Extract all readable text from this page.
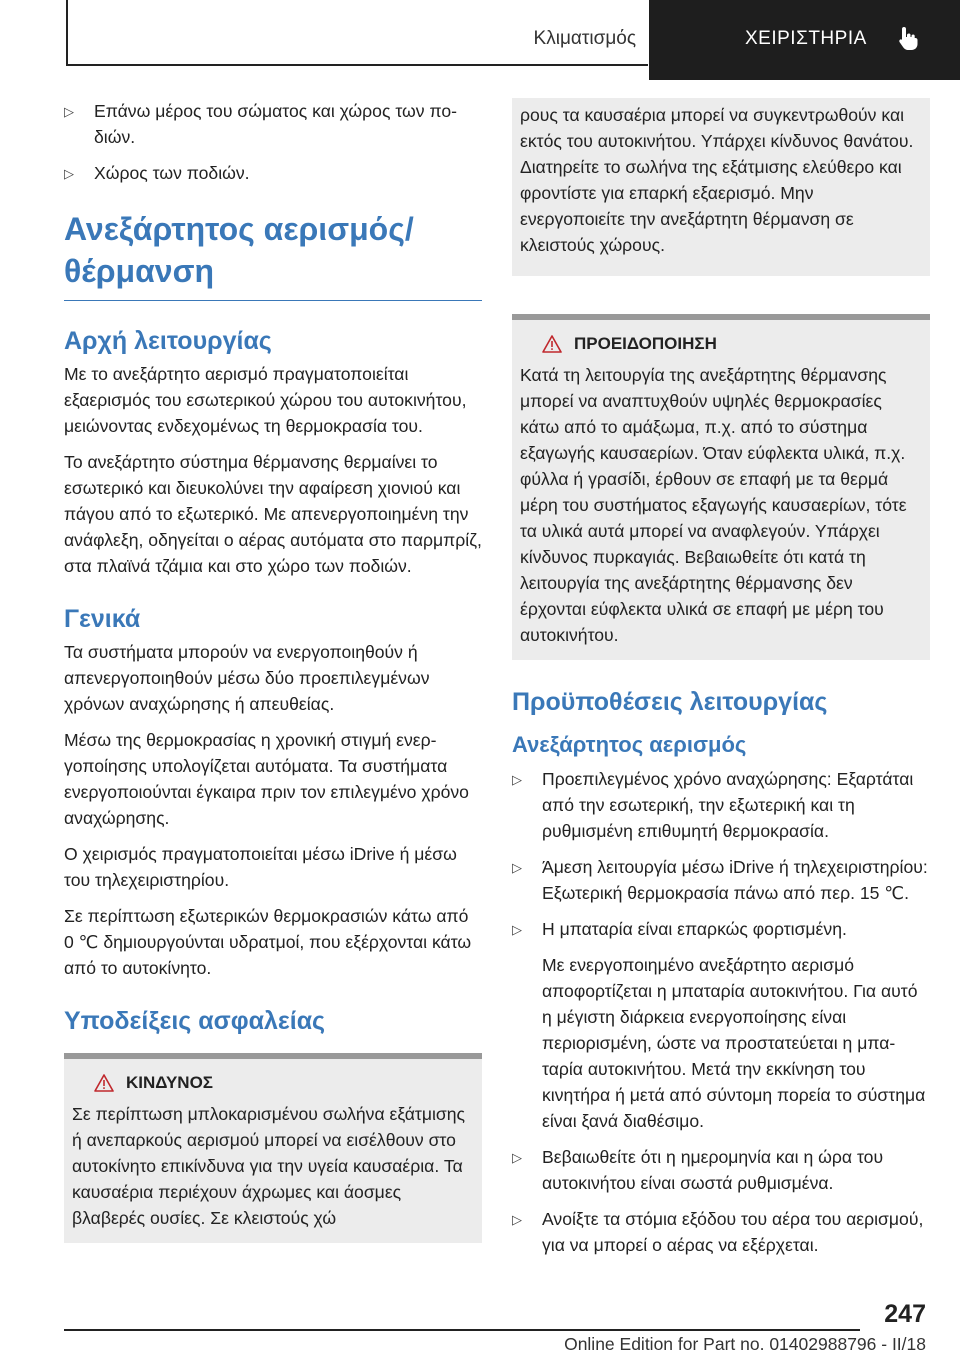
Κλιματισμός	ΧΕΙΡΙΣΤΗΡΙΑ
▷ Επάνω μέρος του σώματος και χώρος των ποδιών.
▷ Χώρος των ποδιών.
Ανεξάρτητος αερισμός/θέρμανση
Αρχή λειτουργίας

Με το ανεξάρτητο αερισμό πραγματοποιείται εξαερισμός του εσωτερικού χώρου του αυτοκινήτου, μειώνοντας ενδεχομένως τη θερμοκρασία του.

Το ανεξάρτητο σύστημα θέρμανσης θερμαίνει το εσωτερικό και διευκολύνει την αφαίρεση χιονιού και πάγου από το εξωτερικό. Με απενεργοποιημένη την ανάφλεξη, οδηγείται ο αέρας αυτόματα στο παρμπρίζ, στα πλαϊνά τζάμια και στο χώρο των ποδιών.

Γενικά

Τα συστήματα μπορούν να ενεργοποιηθούν ή απενεργοποιηθούν μέσω δύο προεπιλεγμένων χρόνων αναχώρησης ή απευθείας.

Μέσω της θερμοκρασίας η χρονική στιγμή ενεργοποίησης υπολογίζεται αυτόματα. Τα συστήματα ενεργοποιούνται έγκαιρα πριν τον επιλεγμένο χρόνο αναχώρησης.

Ο χειρισμός πραγματοποιείται μέσω iDrive ή μέσω του τηλεχειριστηρίου.

Σε περίπτωση εξωτερικών θερμοκρασιών κάτω από 0 ℃ δημιουργούνται υδρατμοί, που εξέρχονται κάτω από το αυτοκίνητο.

Υποδείξεις ασφαλείας
ΚΙΝΔΥΝΟΣ

Σε περίπτωση μπλοκαρισμένου σωλήνα εξάτμισης ή ανεπαρκούς αερισμού μπορεί να εισέλθουν στο αυτοκίνητο επικίνδυνα για την υγεία καυσαέρια. Τα καυσαέρια περιέχουν άχρωμες και άοσμες βλαβερές ουσίες. Σε κλειστούς χώ

ρους τα καυσαέρια μπορεί να συγκεντρωθούν και εκτός του αυτοκινήτου. Υπάρχει κίνδυνος θανάτου. Διατηρείτε το σωλήνα της εξάτμισης ελεύθερο και φροντίστε για επαρκή εξαερισμό. Μην ενεργοποιείτε την ανεξάρτητη θέρμανση σε κλειστούς χώρους.

ΠΡΟΕΙΔΟΠΟΙΗΣΗ

Κατά τη λειτουργία της ανεξάρτητης θέρμανσης μπορεί να αναπτυχθούν υψηλές θερμοκρασίες κάτω από το αμάξωμα, π.χ. από το σύστημα εξαγωγής καυσαερίων. Όταν εύφλεκτα υλικά, π.χ. φύλλα ή γρασίδι, έρθουν σε επαφή με τα θερμά μέρη του συστήματος εξαγωγής καυσαερίων, τότε τα υλικά αυτά μπορεί να αναφλεγούν. Υπάρχει κίνδυνος πυρκαγιάς. Βεβαιωθείτε ότι κατά τη λειτουργία της ανεξάρτητης θέρμανσης δεν έρχονται εύφλεκτα υλικά σε επαφή με μέρη του αυτοκινήτου.

Προϋποθέσεις λειτουργίας
Ανεξάρτητος αερισμός
▷ Προεπιλεγμένος χρόνο αναχώρησης: Εξαρτάται από την εσωτερική, την εξωτερική και τη ρυθμισμένη επιθυμητή θερμοκρασία.
▷ Άμεση λειτουργία μέσω iDrive ή τηλεχειριστηρίου: Εξωτερική θερμοκρασία πάνω από περ. 15 ℃.
▷ Η μπαταρία είναι επαρκώς φορτισμένη.
Με ενεργοποιημένο ανεξάρτητο αερισμό αποφορτίζεται η μπαταρία αυτοκινήτου. Για αυτό η μέγιστη διάρκεια ενεργοποίησης είναι περιορισμένη, ώστε να προστατεύεται η μπαταρία αυτοκινήτου. Μετά την εκκίνηση του κινητήρα ή μετά από σύντομη πορεία το σύστημα είναι ξανά διαθέσιμο.
▷ Βεβαιωθείτε ότι η ημερομηνία και η ώρα του αυτοκινήτου είναι σωστά ρυθμισμένα.
▷ Ανοίξτε τα στόμια εξόδου του αέρα του αερισμού, για να μπορεί ο αέρας να εξέρχεται.
247
Online Edition for Part no. 01402988796 - II/18
